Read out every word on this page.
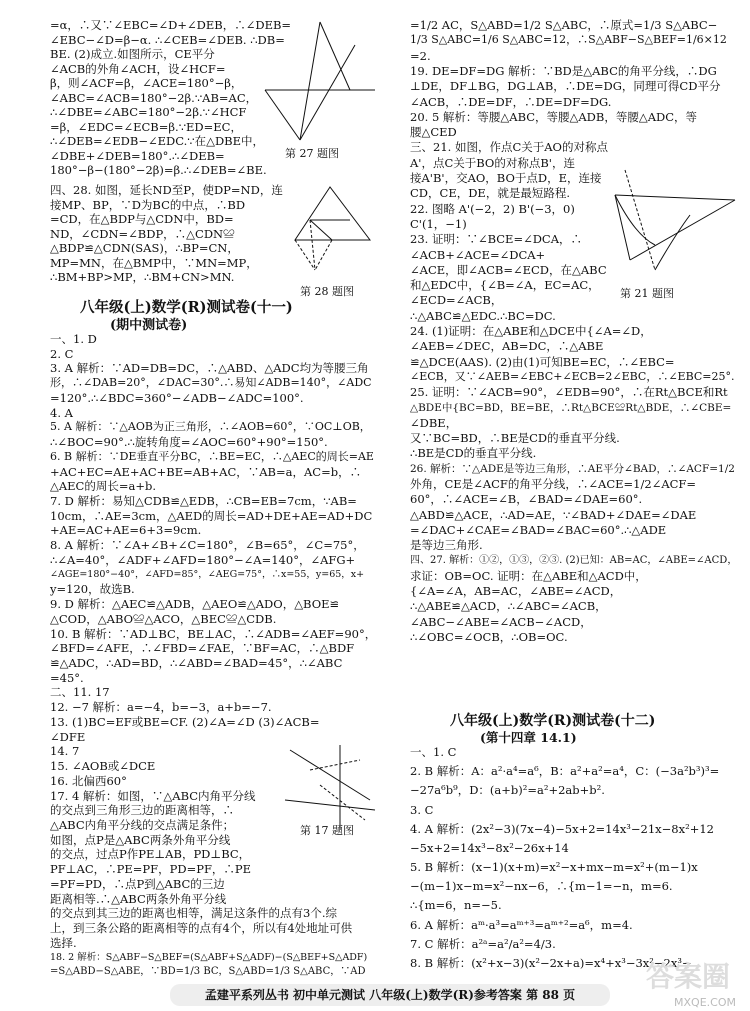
=α，∴又∵∠EBC=∠D+∠DEB，∴∠DEB=
∠EBC−∠D=β−α. ∴∠CEB=∠DEB. ∴DB=
BE. (2)成立.如图所示，CE平分
∠ACB的外角∠ACH，设∠HCF=
β，则∠ACF=β，∠ACE=180°−β，
∠ABC=∠ACB=180°−2β.∵AB=AC，
∴∠DBE=∠ABC=180°−2β.∵∠HCF
=β，∠EDC=∠ECB=β.∵ED=EC，
∴∠DEB=∠EDB−∠EDC.∵在△DBE中，
∠DBE+∠DEB=180°.∴∠DEB=
180°−β−(180°−2β)=β.∴∠DEB=∠BE.
四、28. 如图，延长ND至P，使DP=ND，连
接MP、BP，∵D为BC的中点，∴BD
=CD，在△BDP与△CDN中，BD=
ND，∠CDN=∠BDP，∴△CDN≌
△BDP≌△CDN(SAS)，∴BP=CN，
MP=MN，在△BMP中，∵MN=MP，
∴BM+BP>MP，∴BM+CN>MN.
八年级(上)数学(R)测试卷(十一)
(期中测试卷)
一、1. D
2. C
3. A 解析：∵AD=DB=DC，∴△ABD、△ADC均为等腰三角
形，∴∠DAB=20°，∠DAC=30°.∴易知∠ADB=140°，∠ADC
=120°.∴∠BDC=360°−∠ADB−∠ADC=100°.
4. A
5. A 解析：∵△AOB为正三角形，∴∠AOB=60°，∵OC⊥OB，
∴∠BOC=90°.∴旋转角度=∠AOC=60°+90°=150°.
6. B 解析：∵DE垂直平分BC，∴BE=EC，∴△AEC的周长=AE
+AC+EC=AE+AC+BE=AB+AC，∵AB=a，AC=b，∴
△AEC的周长=a+b.
7. D 解析：易知△CDB≌△EDB，∴CB=EB=7cm，∵AB=
10cm，∴AE=3cm，△AED的周长=AD+DE+AE=AD+DC
+AE=AC+AE=6+3=9cm.
8. A 解析：∵∠A+∠B+∠C=180°，∠B=65°，∠C=75°，
∴∠A=40°，∠ADF+∠AFD=180°−∠A=140°，∠AFG+
∠AGE=180°−40°，∠AFD=85°，∠AEG=75°，∴x=55，y=65，x+
y=120，故选B.
9. D 解析：△AEC≌△ADB，△AEO≌△ADO，△BOE≌
△COD，△ABO≌△ACO，△BEC≌△CDB.
10. B 解析：∵AD⊥BC，BE⊥AC，∴∠ADB=∠AEF=90°，
∠BFD=∠AFE，∴∠FBD=∠FAE，∵BF=AC，∴△BDF
≌△ADC，∴AD=BD，∴∠ABD=∠BAD=45°，∴∠ABC
=45°.
二、11. 17
12. −7 解析：a=−4，b=−3，a+b=−7.
13. (1)BC=EF或BE=CF. (2)∠A=∠D (3)∠ACB=
∠DFE
14. 7
15. ∠AOB或∠DCE
16. 北偏西60°
17. 4 解析：如图，∵△ABC内角平分线
的交点到三角形三边的距离相等，∴
△ABC内角平分线的交点满足条件；
如图，点P是△ABC两条外角平分线
的交点，过点P作PE⊥AB，PD⊥BC，
PF⊥AC，∴PE=PF，PD=PF，∴PE
=PF=PD，∴点P到△ABC的三边
距离相等.∴△ABC两条外角平分线
的交点到其三边的距离也相等，满足这条件的点有3个.综
上，到三条公路的距离相等的点有4个，所以有4处地址可供
选择.
18. 2 解析：S△ABF−S△BEF=(S△ABF+S△ADF)−(S△BEF+S△ADF)
=S△ABD−S△ABE，∵BD=1/3 BC，S△ABD=1/3 S△ABC，∵AD
=1/2 AC，S△ABD=1/2 S△ABC，∴原式=1/3 S△ABC−
1/3 S△ABC=1/6 S△ABC=12，∴S△ABF−S△BEF=1/6×12
=2.
19. DE=DF=DG 解析：∵BD是△ABC的角平分线，∴DG
⊥DE，DF⊥BG，DG⊥AB，∴DE=DG，同理可得CD平分
∠ACB，∴DE=DF，∴DE=DF=DG.
20. 5 解析：等腰△ABC，等腰△ADB，等腰△ADC，等
腰△CED
三、21. 如图，作点C关于AO的对称点
A'，点C关于BO的对称点B'，连
接A'B'，交AO，BO于点D，E，连接
CD，CE，DE，就是最短路程.
22. 图略 A'(−2，2) B'(−3，0)
C'(1，−1)
23. 证明：∵∠BCE=∠DCA，∴
∠ACB+∠ACE=∠DCA+
∠ACE，即∠ACB=∠ECD，在△ABC
和△EDC中，{∠B=∠A，EC=AC，
∠ECD=∠ACB，
∴△ABC≌△EDC.∴BC=DC.
24. (1)证明：在△ABE和△DCE中{∠A=∠D，
∠AEB=∠DEC，AB=DC，∴△ABE
≌△DCE(AAS). (2)由(1)可知BE=EC，∴∠EBC=
∠ECB，又∵∠AEB=∠EBC+∠ECB=2∠EBC，∴∠EBC=25°.
25. 证明：∵∠ACB=90°，∠EDB=90°，∴在Rt△BCE和Rt
△BDE中{BC=BD，BE=BE，∴Rt△BCE≌Rt△BDE，∴∠CBE=
∠DBE，
又∵BC=BD，∴BE是CD的垂直平分线.
∴BE是CD的垂直平分线.
26. 解析：∵△ADE是等边三角形，∴AE平分∠BAD，∴∠ACF=1/2
外角，CE是∠ACF的角平分线，∴∠ACE=1/2∠ACF=
60°，∴∠ACE=∠B，∠BAD=∠DAE=60°.
△ABD≌△ACE，∴AD=AE，∵∠BAD+∠DAE=∠DAE
=∠DAC+∠CAE=∠BAD=∠BAC=60°.∴△ADE
是等边三角形.
四、27. 解析：①②，①③，②③. (2)已知：AB=AC，∠ABE=∠ACD，
求证：OB=OC. 证明：在△ABE和△ACD中，
{∠A=∠A，AB=AC，∠ABE=∠ACD，
∴△ABE≌△ACD，∴∠ABC=∠ACB，
∠ABC−∠ABE=∠ACB−∠ACD，
∴∠OBC=∠OCB，∴OB=OC.
八年级(上)数学(R)测试卷(十二)
(第十四章 14.1)
一、1. C
2. B 解析：A：a²·a⁴=a⁶，B：a²+a²=a⁴，C：(−3a²b³)³=
−27a⁶b⁹，D：(a+b)²=a²+2ab+b².
3. C
4. A 解析：(2x²−3)(7x−4)−5x+2=14x³−21x−8x²+12
−5x+2=14x³−8x²−26x+14
5. B 解析：(x−1)(x+m)=x²−x+mx−m=x²+(m−1)x
−(m−1)x−m=x²−nx−6，∴{m−1=−n，m=6.
∴{m=6，n=−5.
6. A 解析：aᵐ·a³=aᵐ⁺³=aᵐ⁺²=a⁶，m=4.
7. C 解析：a²ᵃ=a²/a²=4/3.
8. B 解析：(x²+x−3)(x²−2x+a)=x⁴+x³−3x²−2x³−
第 27 题图
第 28 题图
第 17 题图
第 21 题图
孟建平系列丛书 初中单元测试 八年级(上)数学(R)参考答案 第 88 页
答案圈
MXQE.COM
